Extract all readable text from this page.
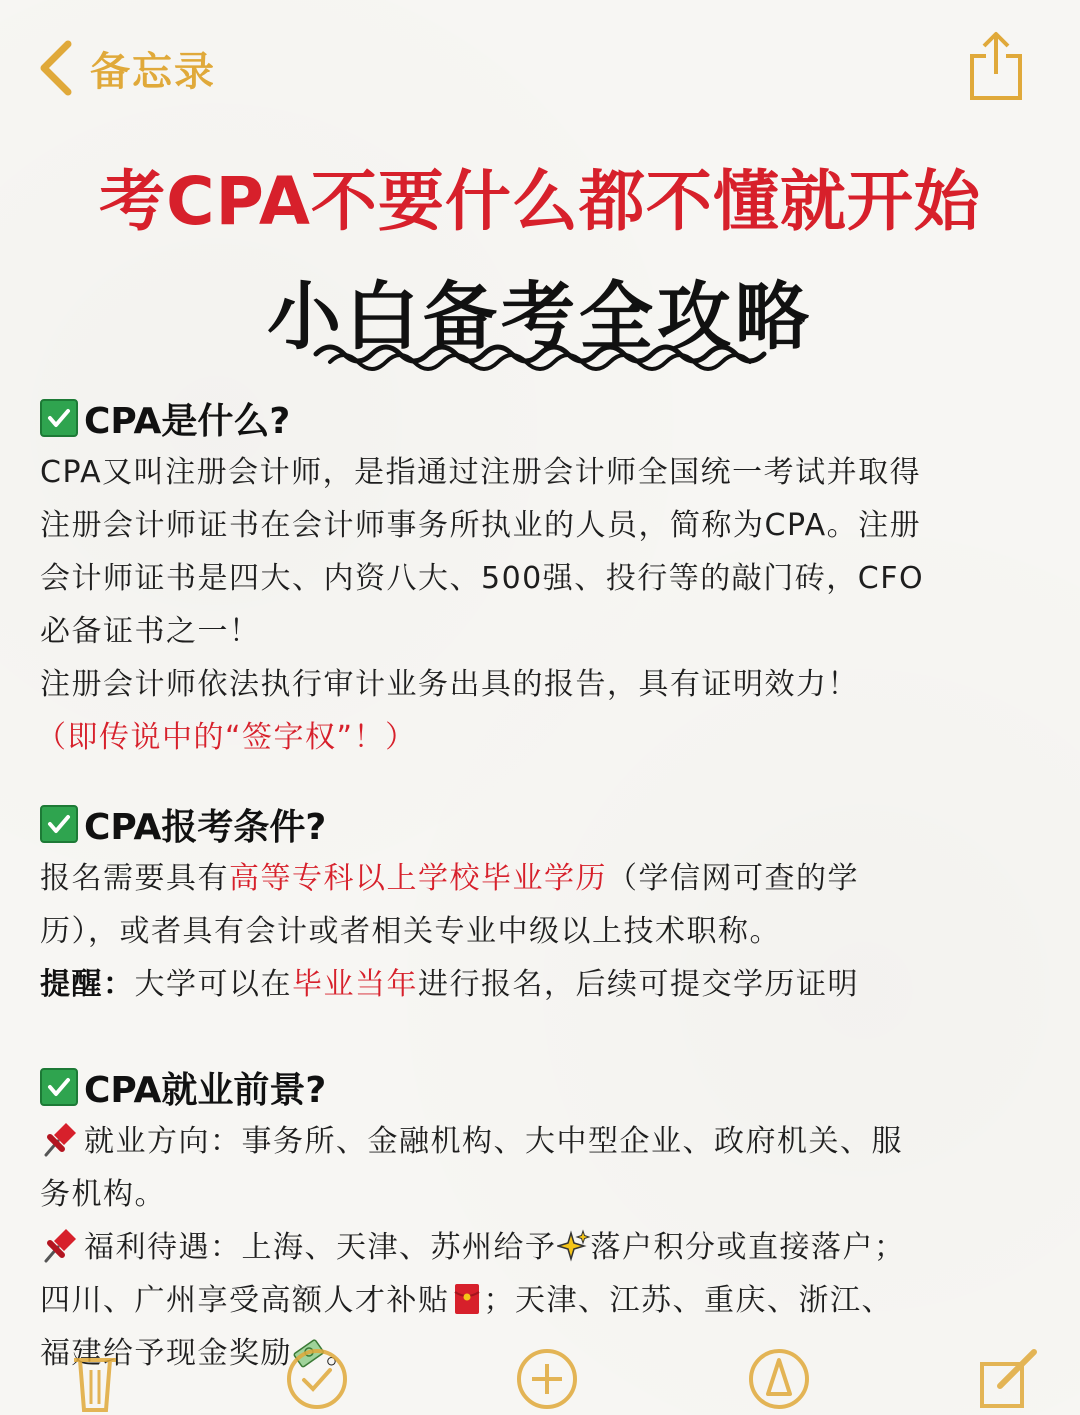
备忘录
考CPA不要什么都不懂就开始
小白备考全攻略
CPA是什么?
CPA又叫注册会计师，是指通过注册会计师全国统一考试并取得
注册会计师证书在会计师事务所执业的人员，简称为CPA。注册
会计师证书是四大、内资八大、500强、投行等的敲门砖，CFO
必备证书之一！
注册会计师依法执行审计业务出具的报告，具有证明效力！
（即传说中的“签字权”！）
CPA报考条件?
报名需要具有高等专科以上学校毕业学历（学信网可查的学
历），或者具有会计或者相关专业中级以上技术职称。
提醒：大学可以在毕业当年进行报名，后续可提交学历证明
CPA就业前景?
就业方向：事务所、金融机构、大中型企业、政府机关、服
务机构。
福利待遇：上海、天津、苏州给予 落户积分或直接落户；
四川、广州享受高额人才补贴 ；天津、江苏、重庆、浙江、
福建给予现金奖励 。
